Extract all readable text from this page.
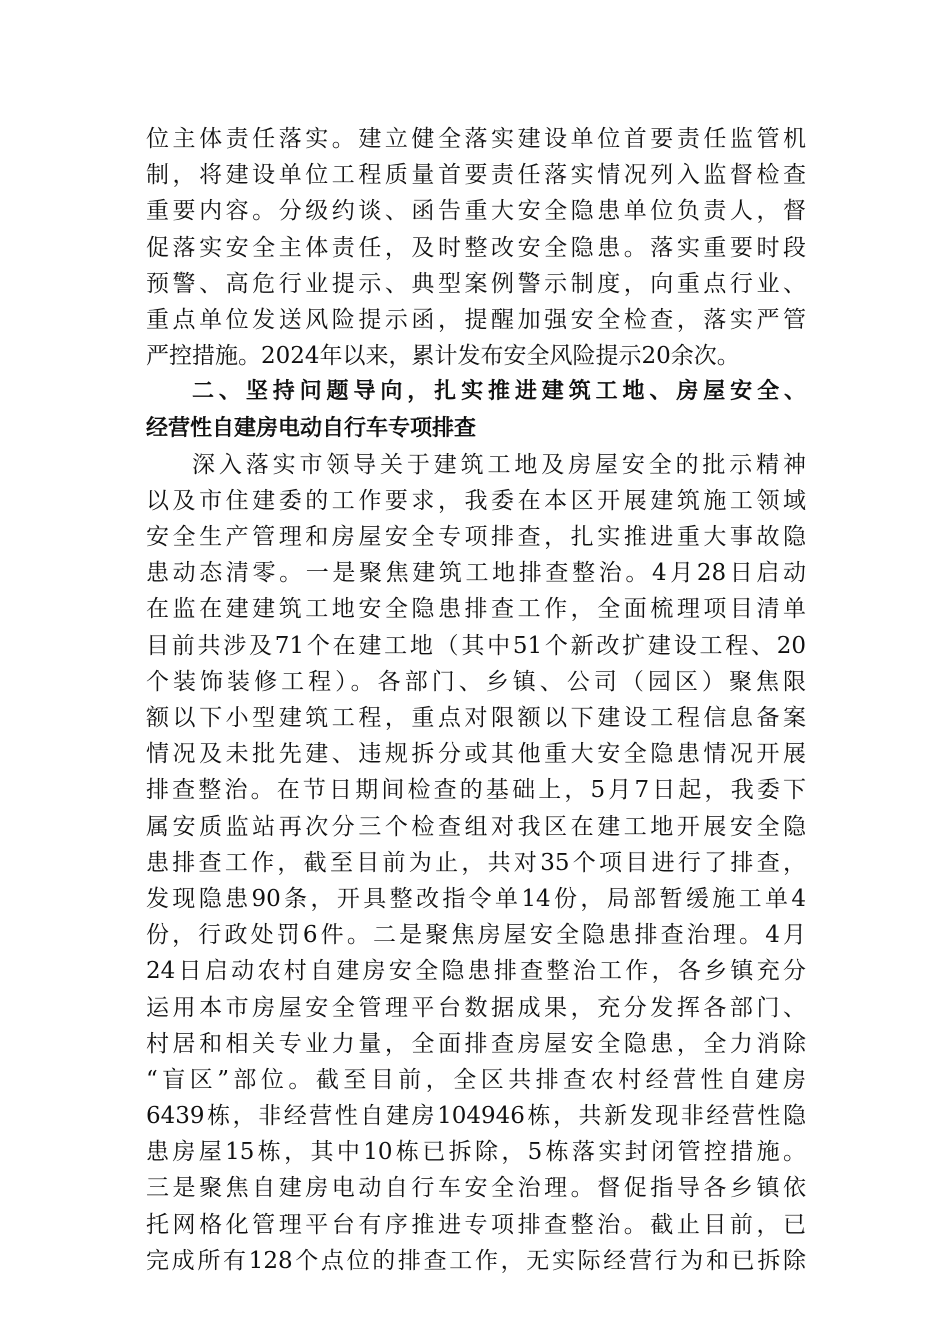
位主体责任落实。建立健全落实建设单位首要责任监管机
制，将建设单位工程质量首要责任落实情况列入监督检查
重要内容。分级约谈、函告重大安全隐患单位负责人，督
促落实安全主体责任，及时整改安全隐患。落实重要时段
预警、高危行业提示、典型案例警示制度，向重点行业、
重点单位发送风险提示函，提醒加强安全检查，落实严管
严控措施。2024年以来，累计发布安全风险提示20余次。
二、坚持问题导向，扎实推进建筑工地、房屋安全、
经营性自建房电动自行车专项排查
深入落实市领导关于建筑工地及房屋安全的批示精神
以及市住建委的工作要求，我委在本区开展建筑施工领域
安全生产管理和房屋安全专项排查，扎实推进重大事故隐
患动态清零。一是聚焦建筑工地排查整治。4月28日启动
在监在建建筑工地安全隐患排查工作，全面梳理项目清单
目前共涉及71个在建工地（其中51个新改扩建设工程、20
个装饰装修工程）。各部门、乡镇、公司（园区）聚焦限
额以下小型建筑工程，重点对限额以下建设工程信息备案
情况及未批先建、违规拆分或其他重大安全隐患情况开展
排查整治。在节日期间检查的基础上，5月7日起，我委下
属安质监站再次分三个检查组对我区在建工地开展安全隐
患排查工作，截至目前为止，共对35个项目进行了排查，
发现隐患90条，开具整改指令单14份，局部暂缓施工单4
份，行政处罚6件。二是聚焦房屋安全隐患排查治理。4月
24日启动农村自建房安全隐患排查整治工作，各乡镇充分
运用本市房屋安全管理平台数据成果，充分发挥各部门、
村居和相关专业力量，全面排查房屋安全隐患，全力消除
“盲区”部位。截至目前，全区共排查农村经营性自建房
6439栋，非经营性自建房104946栋，共新发现非经营性隐
患房屋15栋，其中10栋已拆除，5栋落实封闭管控措施。
三是聚焦自建房电动自行车安全治理。督促指导各乡镇依
托网格化管理平台有序推进专项排查整治。截止目前，已
完成所有128个点位的排查工作，无实际经营行为和已拆除
